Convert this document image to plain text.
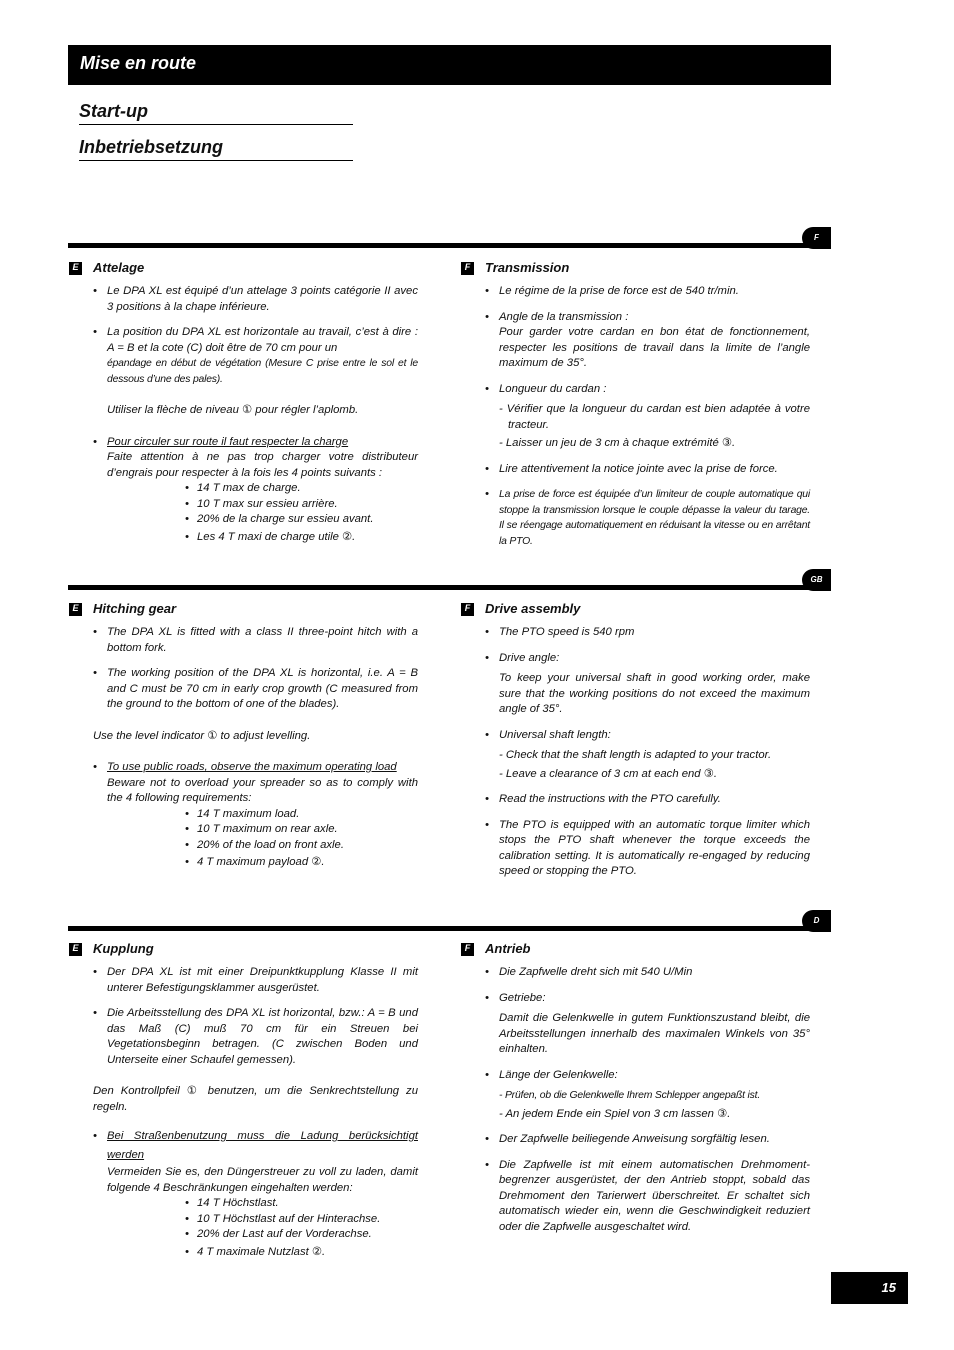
Mise en route
Start-up
Inbetriebsetzung
F
E Attelage
• Le DPA XL est équipé d’un attelage 3 points catégorie II avec 3 positions à la chape inférieure.
• La position du DPA XL est horizontale au travail, c’est à dire : A = B et la cote (C) doit être de 70 cm pour un
épandage en début de végétation (Mesure C prise entre le sol et le dessous d’une des pales).
Utiliser la flèche de niveau ① pour régler l’aplomb.
• Pour circuler sur route il faut respecter la charge
Faite attention à ne pas trop charger votre distributeur d’engrais pour respecter à la fois les 4 points suivants :
• 14 T max de charge.
• 10 T max sur essieu arrière.
• 20% de la charge sur essieu avant.
• Les 4 T maxi de charge utile ②.
F Transmission
• Le régime de la prise de force est de 540 tr/min.
• Angle de la transmission :
Pour garder votre cardan en bon état de fonctionnement, respecter les positions de travail dans la limite de l’angle maximum de 35°.
• Longueur du cardan :
- Vérifier que la longueur du cardan est bien adaptée à votre tracteur.
- Laisser un jeu de 3 cm à chaque extrémité ③.
• Lire attentivement la notice jointe avec la prise de force.
• La prise de force est équipée d’un limiteur de couple automatique qui stoppe la transmission lorsque le couple dépasse la valeur du tarage. Il se réengage automatiquement en réduisant la vitesse ou en arrêtant la PTO.
GB
E Hitching gear
• The DPA XL is fitted with a class II three-point hitch with a bottom fork.
• The working position of the DPA XL is horizontal, i.e. A = B and C must be 70 cm in early crop growth (C measured from the ground to the bottom of one of the blades).
Use the level indicator ① to adjust levelling.
• To use public roads, observe the maximum operating load
Beware not to overload your spreader so as to comply with the 4 following requirements:
• 14 T maximum load.
• 10 T maximum on rear axle.
• 20% of the load on front axle.
• 4 T maximum payload ②.
F Drive assembly
• The PTO speed is 540 rpm
• Drive angle:
To keep your universal shaft in good working order, make sure that the working positions do not exceed the maximum angle of 35°.
• Universal shaft length:
- Check that the shaft length is adapted to your tractor.
- Leave a clearance of 3 cm at each end ③.
• Read the instructions with the PTO carefully.
• The PTO is equipped with an automatic torque limiter which stops the PTO shaft whenever the torque exceeds the calibration setting. It is automatically re-engaged by reducing speed or stopping the PTO.
D
E Kupplung
• Der DPA XL ist mit einer Dreipunktkupplung Klasse II mit unterer Befestigungsklammer ausgerüstet.
• Die Arbeitsstellung des DPA XL ist horizontal, bzw.: A = B und das Maß (C) muß 70 cm für ein Streuen bei Vegetationsbeginn betragen. (C zwischen Boden und Unterseite einer Schaufel gemessen).
Den Kontrollpfeil ① benutzen, um die Senkrechtstellung zu regeln.
• Bei Straßenbenutzung muss die Ladung berücksichtigt werden
Vermeiden Sie es, den Düngerstreuer zu voll zu laden, damit folgende 4 Beschränkungen eingehalten werden:
• 14 T Höchstlast.
• 10 T Höchstlast auf der Hinterachse.
• 20% der Last auf der Vorderachse.
• 4 T maximale Nutzlast ②.
F Antrieb
• Die Zapfwelle dreht sich mit 540 U/Min
• Getriebe:
Damit die Gelenkwelle in gutem Funktionszustand bleibt, die Arbeitsstellungen innerhalb des maximalen Winkels von 35° einhalten.
• Länge der Gelenkwelle:
- Prüfen, ob die Gelenkwelle Ihrem Schlepper angepaßt ist.
- An jedem Ende ein Spiel von 3 cm lassen ③.
• Der Zapfwelle beiliegende Anweisung sorgfältig lesen.
• Die Zapfwelle ist mit einem automatischen Drehmoment-begrenzer ausgerüstet, der den Antrieb stoppt, sobald das Drehmoment den Tarierwert überschreitet. Er schaltet sich automatisch wieder ein, wenn die Geschwindigkeit reduziert oder die Zapfwelle ausgeschaltet wird.
15
